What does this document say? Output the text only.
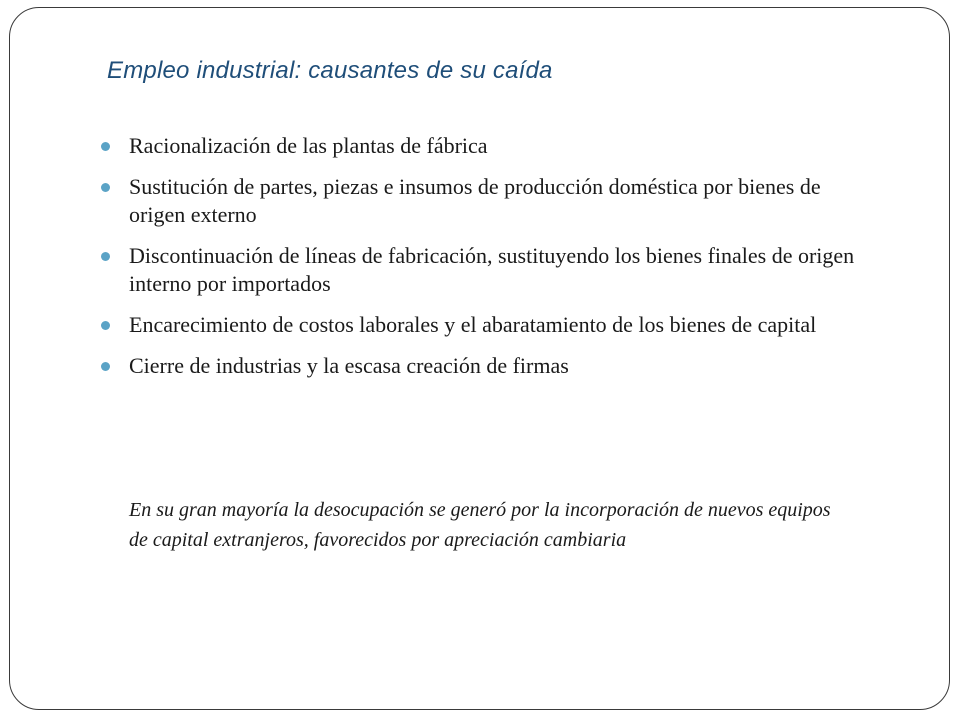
Empleo industrial: causantes de su caída
Racionalización de las plantas de fábrica
Sustitución de partes, piezas e insumos de producción doméstica por bienes de origen externo
Discontinuación de líneas de fabricación, sustituyendo los bienes finales de origen interno por importados
Encarecimiento de costos laborales y el abaratamiento de los bienes de capital
Cierre de industrias y la escasa creación de firmas
En su gran mayoría la desocupación se generó por la incorporación de nuevos equipos de capital extranjeros, favorecidos por apreciación cambiaria
